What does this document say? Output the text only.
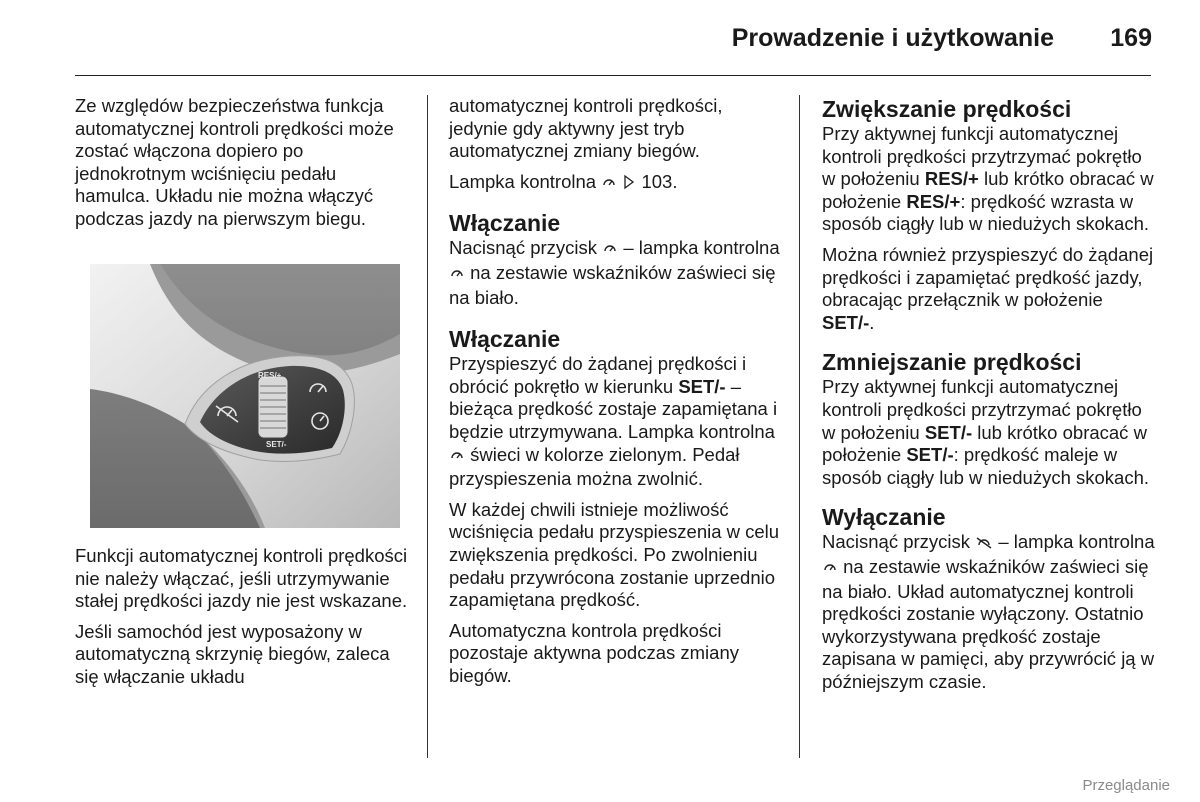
Prowadzenie i użytkowanie 169

Ze względów bezpieczeństwa funkcja automatycznej kontroli prędkości może zostać włączona dopiero po jednokrotnym wciśnięciu pedału hamulca. Układu nie można włączyć podczas jazdy na pierwszym biegu.

RES/+
SET/-

Funkcji automatycznej kontroli prędkości nie należy włączać, jeśli utrzymywanie stałej prędkości jazdy nie jest wskazane.

Jeśli samochód jest wyposażony w automatyczną skrzynię biegów, zaleca się włączanie układu

automatycznej kontroli prędkości, jedynie gdy aktywny jest tryb automatycznej zmiany biegów.

Lampka kontrolna 103.

Włączanie

Nacisnąć przycisk – lampka kontrolna  na zestawie wskaźników zaświeci się na biało.

Włączanie

Przyspieszyć do żądanej prędkości i obrócić pokrętło w kierunku SET/- – bieżąca prędkość zostaje zapamiętana i będzie utrzymywana. Lampka kontrolna  świeci w kolorze zielonym. Pedał przyspieszenia można zwolnić.

W każdej chwili istnieje możliwość wciśnięcia pedału przyspieszenia w celu zwiększenia prędkości. Po zwolnieniu pedału przywrócona zostanie uprzednio zapamiętana prędkość.

Automatyczna kontrola prędkości pozostaje aktywna podczas zmiany biegów.

Zwiększanie prędkości

Przy aktywnej funkcji automatycznej kontroli prędkości przytrzymać pokrętło w położeniu RES/+ lub krótko obracać w położenie RES/+: prędkość wzrasta w sposób ciągły lub w niedużych skokach.

Można również przyspieszyć do żądanej prędkości i zapamiętać prędkość jazdy, obracając przełącznik w położenie SET/-.

Zmniejszanie prędkości

Przy aktywnej funkcji automatycznej kontroli prędkości przytrzymać pokrętło w położeniu SET/- lub krótko obracać w położenie SET/-: prędkość maleje w sposób ciągły lub w niedużych skokach.

Wyłączanie

Nacisnąć przycisk – lampka kontrolna  na zestawie wskaźników zaświeci się na biało. Układ automatycznej kontroli prędkości zostanie wyłączony. Ostatnio wykorzystywana prędkość zostaje zapisana w pamięci, aby przywrócić ją w późniejszym czasie.

Przeglądanie
